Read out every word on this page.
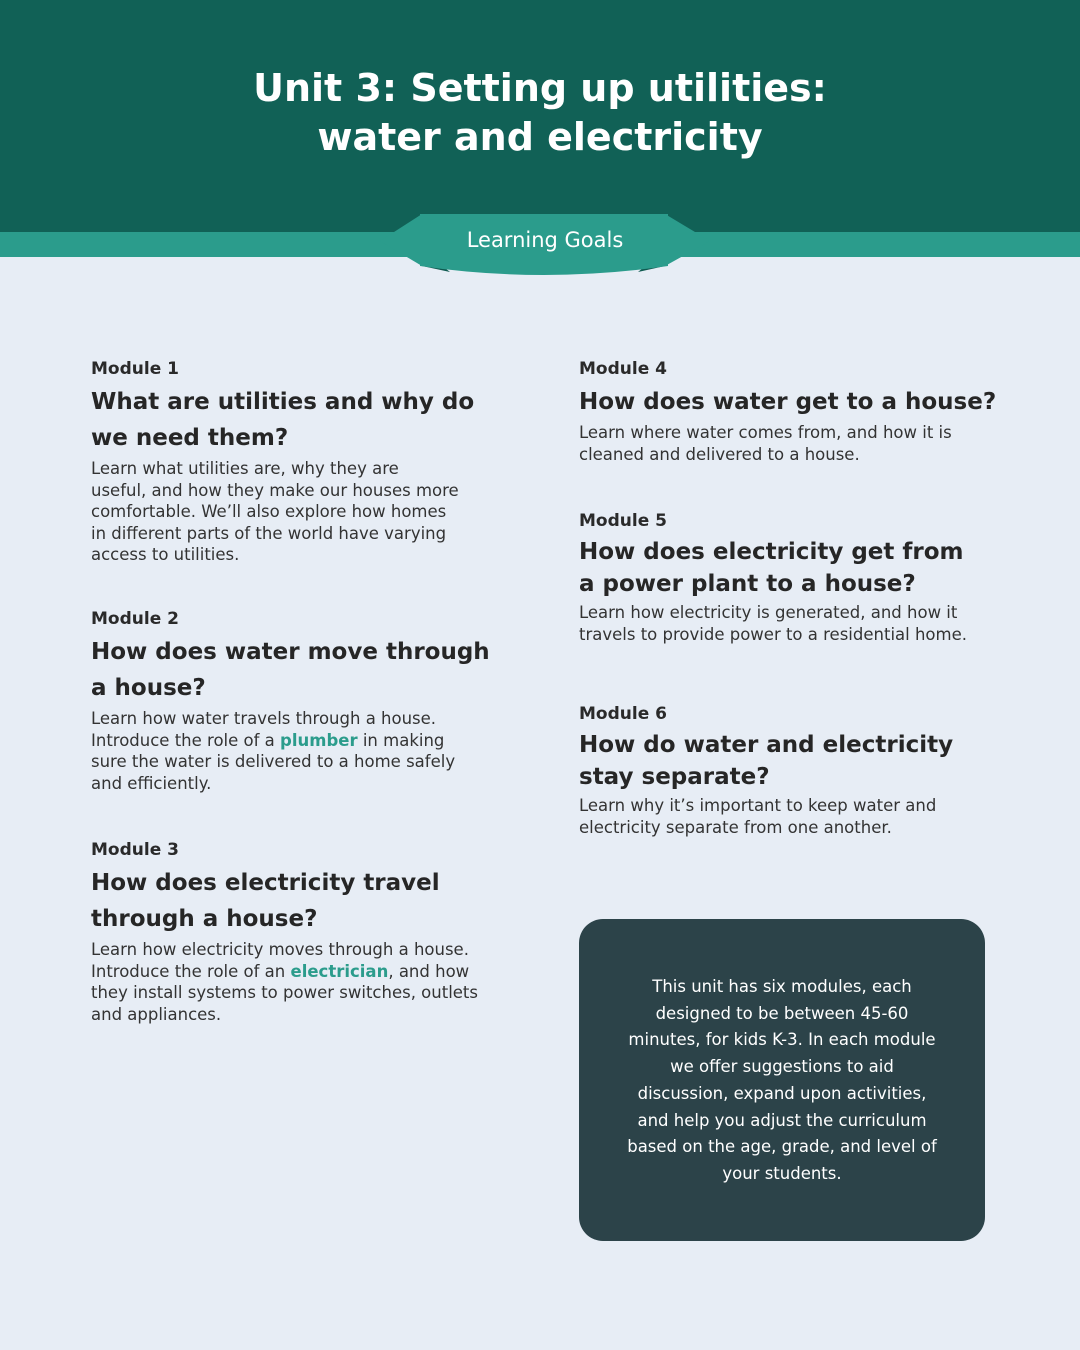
Unit 3: Setting up utilities:
water and electricity
Learning Goals
Module 1
What are utilities and why do we need them?
Learn what utilities are, why they are
useful, and how they make our houses more
comfortable. We’ll also explore how homes
in different parts of the world have varying
access to utilities.
Module 2
How does water move through a house?
Learn how water travels through a house.
Introduce the role of a plumber in making
sure the water is delivered to a home safely
and efficiently.
Module 3
How does electricity travel through a house?
Learn how electricity moves through a house.
Introduce the role of an electrician, and how
they install systems to power switches, outlets
and appliances.
Module 4
How does water get to a house?
Learn where water comes from, and how it is
cleaned and delivered to a house.
Module 5
How does electricity get from
a power plant to a house?
Learn how electricity is generated, and how it
travels to provide power to a residential home.
Module 6
How do water and electricity
stay separate?
Learn why it’s important to keep water and
electricity separate from one another.

This unit has six modules, each designed to be between 45-60 minutes, for kids K-3. In each module we offer suggestions to aid discussion, expand upon activities, and help you adjust the curriculum based on the age, grade, and level of your students.
